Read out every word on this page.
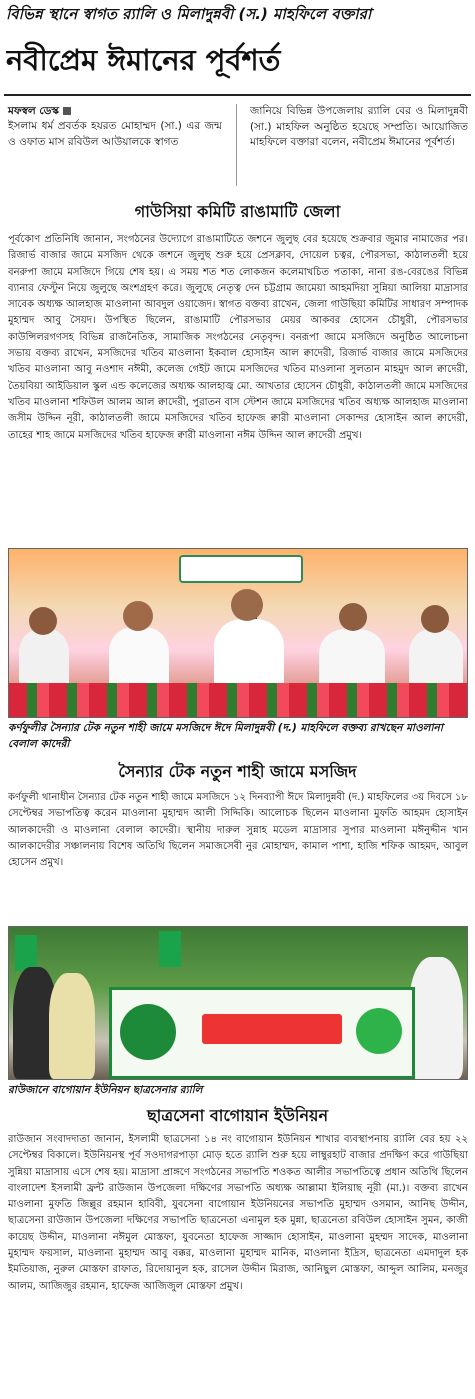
বিভিন্ন স্থানে স্বাগত র‍্যালি ও মিলাদুন্নবী (স.) মাহফিলে বক্তারা
নবীপ্রেম ঈমানের পূর্বশর্ত
মফস্বল ডেস্ক
ইসলাম ধর্ম প্রবর্তক হযরত মোহাম্মদ (সা.) এর জন্ম ও ওফাত মাস রবিউল আউয়ালকে স্বাগত
জানিয়ে বিভিন্ন উপজেলায় র‍্যালি বের ও মিলাদুন্নবী (সা.) মাহফিল অনুষ্ঠিত হয়েছে সম্প্রতি। আয়োজিত মাহফিলে বক্তারা বলেন, নবীপ্রেম ঈমানের পূর্বশর্ত।
গাউসিয়া কমিটি রাঙামাটি জেলা
পূর্বকোণ প্রতিনিধি জানান, সংগঠনের উদ্যোগে রাঙামাটিতে জশনে জুলুছ বের হয়েছে শুক্রবার জুমার নামাজের পর। রিজার্ভ বাজার জামে মসজিদ থেকে জশনে জুলুছ শুরু হয়ে প্রেসক্লাব, দোয়েল চত্বর, পৌরসভা, কাঠালতলী হয়ে বনরুপা জামে মসজিদে গিয়ে শেষ হয়। এ সময় শত শত লোকজন কলেমাখচিত পতাকা, নানা রঙ-বেরঙের বিভিন্ন ব্যানার ফেস্টুন নিয়ে জুলুছে অংশগ্রহণ করে। জুলুছে নেতৃত্ব দেন চট্টগ্রাম জামেয়া আহমদিয়া সুন্নিয়া আলিয়া মাদ্রাসার সাবেক অধ্যক্ষ আলহাজ মাওলানা আবদুল ওয়াজেদ। স্বাগত বক্তব্য রাখেন, জেলা গাউছিয়া কমিটির সাধারণ সম্পাদক মুহাম্মদ আবু সৈয়দ। উপস্থিত ছিলেন, রাঙামাটি পৌরসভার মেয়র আকবর হোসেন চৌধুরী, পৌরসভার কাউন্সিলরগণসহ বিভিন্ন রাজনৈতিক, সামাজিক সংগঠনের নেতৃবৃন্দ। বনরূপা জামে মসজিদে অনুষ্ঠিত আলোচনা সভায় বক্তব্য রাখেন, মসজিদের খতিব মাওলানা ইকবাল হোসাইন আল ক্বাদেরী, রিজার্ভ বাজার জামে মসজিদের খতিব মাওলানা আবু নওশাদ নঈমী, কলেজ গেইট জামে মসজিদের খতিব মাওলানা সুলতান মাহমুদ আল ক্বাদেরী, তৈয়বিয়া আইডিয়াল স্কুল এন্ড কলেজের অধ্যক্ষ আলহাজ্ব মো. আখতার হোসেন চৌধুরী, কাঠালতলী জামে মসজিদের খতিব মাওলানা শফিউল আলম আল ক্বাদেরী, পুরাতন বাস স্টেশন জামে মসজিদের খতিব অধ্যক্ষ আলহাজ মাওলানা জসীম উদ্দিন নূরী, কাঠালতলী জামে মসজিদের খতিব হাফেজ ক্বারী মাওলানা সেকান্দর হোসাইন আল ক্বাদেরী, তাহের শাহ জামে মসজিদের খতিব হাফেজ ক্বারী মাওলানা নঈম উদ্দিন আল ক্বাদেরী প্রমুখ।
কর্ণফুলীর সৈন্যার টেক নতুন শাহী জামে মসজিদে ঈদে মিলাদুন্নবী (দ.) মাহফিলে বক্তব্য রাখছেন মাওলানা বেলাল কাদেরী
সৈন্যার টেক নতুন শাহী জামে মসজিদ
কর্ণফুলী থানাধীন সৈন্যার টেক নতুন শাহী জামে মসজিদে ১২ দিনব্যাপী ঈদে মিলাদুন্নবী (দ.) মাহফিলের ৩য় দিবসে ১৮ সেপ্টেম্বর সভাপতিত্ব করেন মাওলানা মুহাম্মদ আলী সিদ্দিকি। আলোচক ছিলেন মাওলানা মুফতি আহমদ হোসাইন আলকাদেরী ও মাওলানা বেলাল কাদেরী। স্থানীয় দারুল সুন্নাহ মডেল মাদ্রাসার সুপার মাওলানা মঈনুদ্দীন খান আলকাদেরীর সঞ্চালনায় বিশেষ অতিথি ছিলেন সমাজসেবী নুর মোহাম্মদ, কামাল পাশা, হাজি শফিক আহমদ, আবুল হোসেন প্রমুখ।
রাউজানে বাগোয়ান ইউনিয়ন ছাত্রসেনার র‍্যালি
ছাত্রসেনা বাগোয়ান ইউনিয়ন
রাউজান সংবাদদাতা জানান, ইসলামী ছাত্রসেনা ১৪ নং বাগোয়ান ইউনিয়ন শাখার ব্যবস্থাপনায় র‍্যালি বের হয় ২২ সেপ্টেম্বর বিকালে। ইউনিয়নস্থ পূর্ব সওদাগরপাড়া মোড় হতে র‍্যালি শুরু হয়ে লাম্বুরহাট বাজার প্রদক্ষিণ করে গাউছিয়া সুন্নিয়া মাদ্রাসায় এসে শেষ হয়। মাদ্রাসা প্রাঙ্গণে সংগঠনের সভাপতি শওকত আলীর সভাপতিত্বে প্রধান অতিথি ছিলেন বাংলাদেশ ইসলামী ফ্রন্ট রাউজান উপজেলা দক্ষিণের সভাপতি অধ্যক্ষ আল্লামা ইলিয়াছ নূরী (মা.)। বক্তব্য রাখেন মাওলানা মুফতি জিল্লুর রহমান হাবিবী, যুবসেনা বাগোয়ান ইউনিয়নের সভাপতি মুহাম্মদ ওসমান, আনিছ উদ্দীন, ছাত্রসেনা রাউজান উপজেলা দক্ষিণের সভাপতি ছাত্রনেতা এনামুল হক মুন্না, ছাত্রনেতা রবিউল হোসাইন সুমন, কাজী কায়েছ উদ্দীন, মাওলানা নঈমুল মোস্তফা, যুবনেতা হাফেজ সাজ্জাদ হোসাইন, মাওলানা মুহম্মদ সাদেক, মাওলানা মুহাম্মদ ফয়সাল, মাওলানা মুহাম্মদ আবু বক্কর, মাওলানা মুহাম্মদ মানিক, মাওলানা ইদ্রিস, ছাত্রনেতা এমদাদুল হক ইমতিয়াজ, নুরুল মোস্তফা রাফাত, রিদোয়ানুল হক, রাসেল উদ্দীন মিরাজ, আনিছুল মোস্তফা, আব্দুল আলিম, মনজুর আলম, আজিজুর রহমান, হাফেজ আজিজুল মোস্তফা প্রমুখ।
